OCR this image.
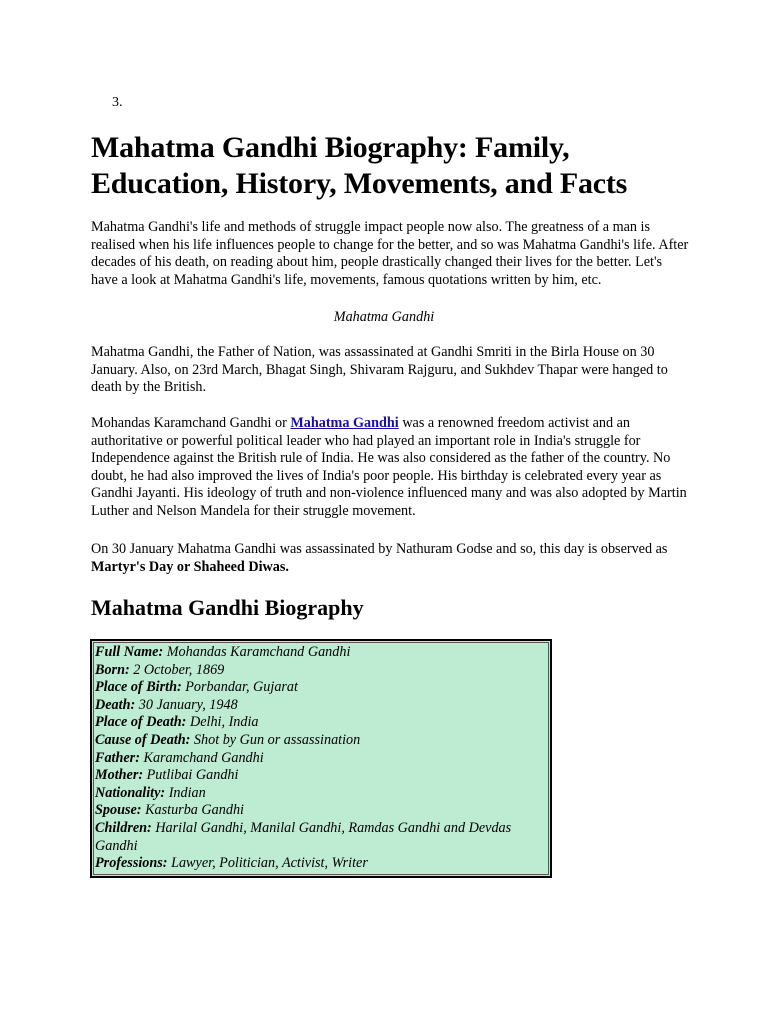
3.
Mahatma Gandhi Biography: Family, Education, History, Movements, and Facts

Mahatma Gandhi's life and methods of struggle impact people now also. The greatness of a man is realised when his life influences people to change for the better, and so was Mahatma Gandhi's life. After decades of his death, on reading about him, people drastically changed their lives for the better. Let's have a look at Mahatma Gandhi's life, movements, famous quotations written by him, etc.

Mahatma Gandhi

Mahatma Gandhi, the Father of Nation, was assassinated at Gandhi Smriti in the Birla House on 30 January. Also, on 23rd March, Bhagat Singh, Shivaram Rajguru, and Sukhdev Thapar were hanged to death by the British.

Mohandas Karamchand Gandhi or Mahatma Gandhi was a renowned freedom activist and an authoritative or powerful political leader who had played an important role in India's struggle for Independence against the British rule of India. He was also considered as the father of the country. No doubt, he had also improved the lives of India's poor people. His birthday is celebrated every year as Gandhi Jayanti. His ideology of truth and non-violence influenced many and was also adopted by Martin Luther and Nelson Mandela for their struggle movement.

On 30 January Mahatma Gandhi was assassinated by Nathuram Godse and so, this day is observed as Martyr's Day or Shaheed Diwas.

Mahatma Gandhi Biography
Full Name: Mohandas Karamchand Gandhi
Born: 2 October, 1869
Place of Birth: Porbandar, Gujarat
Death: 30 January, 1948
Place of Death: Delhi, India
Cause of Death: Shot by Gun or assassination
Father: Karamchand Gandhi
Mother: Putlibai Gandhi
Nationality: Indian
Spouse: Kasturba Gandhi
Children: Harilal Gandhi, Manilal Gandhi, Ramdas Gandhi and Devdas Gandhi
Professions: Lawyer, Politician, Activist, Writer
